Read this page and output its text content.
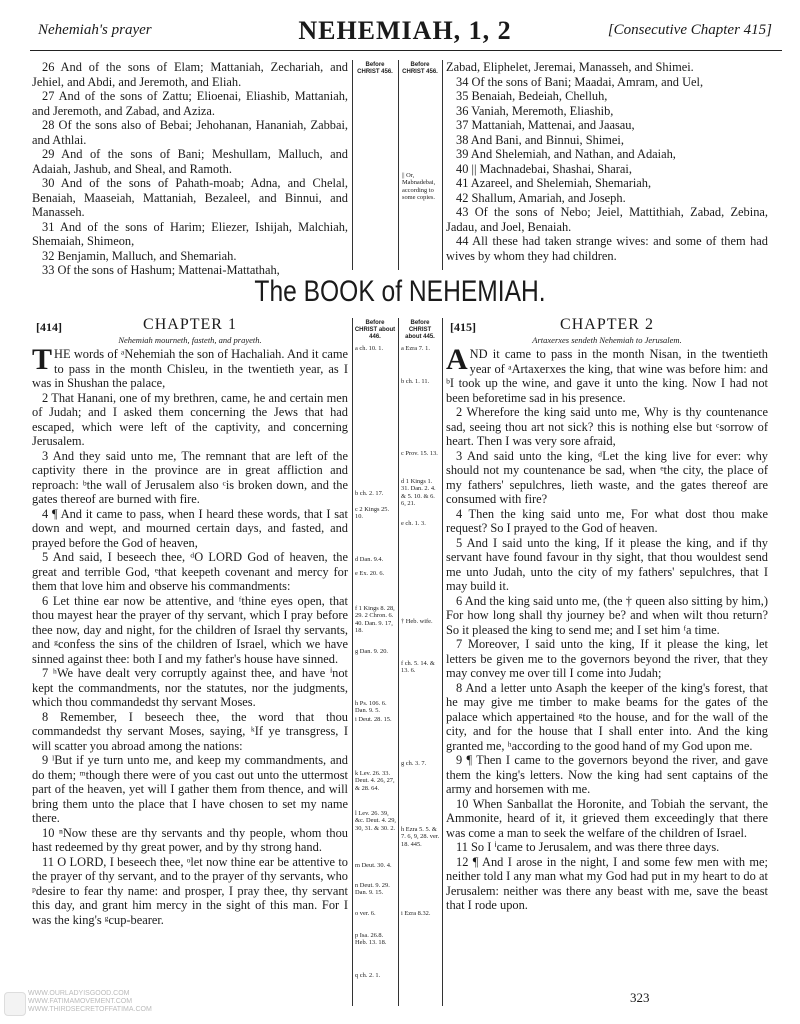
Nehemiah's prayer	NEHEMIAH, 1, 2	[Consecutive Chapter 415]

26 And of the sons of Elam; Mattaniah, Zechariah, and Jehiel, and Abdi, and Jeremoth, and Eliah.

27 And of the sons of Zattu; Elioenai, Eliashib, Mattaniah, and Jeremoth, and Zabad, and Aziza.

28 Of the sons also of Bebai; Jehohanan, Hananiah, Zabbai, and Athlai.

29 And of the sons of Bani; Meshullam, Malluch, and Adaiah, Jashub, and Sheal, and Ramoth.

30 And of the sons of Pahath-moab; Adna, and Chelal, Benaiah, Maaseiah, Mattaniah, Bezaleel, and Binnui, and Manasseh.

31 And of the sons of Harim; Eliezer, Ishijah, Malchiah, Shemaiah, Shimeon,

32 Benjamin, Malluch, and Shemariah.

33 Of the sons of Hashum; Mattenai-Mattathah,

Before CHRIST 456.
Before CHRIST 456.
|| Or, Mabnadebai, according to some copies.

Zabad, Eliphelet, Jeremai, Manasseh, and Shimei.

34 Of the sons of Bani; Maadai, Amram, and Uel,

35 Benaiah, Bedeiah, Chelluh,

36 Vaniah, Meremoth, Eliashib,

37 Mattaniah, Mattenai, and Jaasau,

38 And Bani, and Binnui, Shimei,

39 And Shelemiah, and Nathan, and Adaiah,

40 || Machnadebai, Shashai, Sharai,

41 Azareel, and Shelemiah, Shemariah,

42 Shallum, Amariah, and Joseph.

43 Of the sons of Nebo; Jeiel, Mattithiah, Zabad, Zebina, Jadau, and Joel, Benaiah.

44 All these had taken strange wives: and some of them had wives by whom they had children.

The BOOK of NEHEMIAH.
[414]	CHAPTER 1
Nehemiah mourneth, fasteth, and prayeth.

THE words of ᵃNehemiah the son of Hachaliah. And it came to pass in the month Chisleu, in the twentieth year, as I was in Shushan the palace,

2 That Hanani, one of my brethren, came, he and certain men of Judah; and I asked them concerning the Jews that had escaped, which were left of the captivity, and concerning Jerusalem.

3 And they said unto me, The remnant that are left of the captivity there in the province are in great affliction and reproach: ᵇthe wall of Jerusalem also ᶜis broken down, and the gates thereof are burned with fire.

4 ¶ And it came to pass, when I heard these words, that I sat down and wept, and mourned certain days, and fasted, and prayed before the God of heaven,

5 And said, I beseech thee, ᵈO LORD God of heaven, the great and terrible God, ᵉthat keepeth covenant and mercy for them that love him and observe his commandments:

6 Let thine ear now be attentive, and ᶠthine eyes open, that thou mayest hear the prayer of thy servant, which I pray before thee now, day and night, for the children of Israel thy servants, and ᵍconfess the sins of the children of Israel, which we have sinned against thee: both I and my father's house have sinned.

7 ʰWe have dealt very corruptly against thee, and have ⁱnot kept the commandments, nor the statutes, nor the judgments, which thou commandedst thy servant Moses.

8 Remember, I beseech thee, the word that thou commandedst thy servant Moses, saying, ᵏIf ye transgress, I will scatter you abroad among the nations:

9 ˡBut if ye turn unto me, and keep my commandments, and do them; ᵐthough there were of you cast out unto the uttermost part of the heaven, yet will I gather them from thence, and will bring them unto the place that I have chosen to set my name there.

10 ⁿNow these are thy servants and thy people, whom thou hast redeemed by thy great power, and by thy strong hand.

11 O LORD, I beseech thee, ᵒlet now thine ear be attentive to the prayer of thy servant, and to the prayer of thy servants, who ᵖdesire to fear thy name: and prosper, I pray thee, thy servant this day, and grant him mercy in the sight of this man. For I was the king's ᵍcup-bearer.

Before CHRIST about 446.
Before CHRIST about 445.
a ch. 10. 1.
b ch. 2. 17.
c 2 Kings 25. 10.
d Dan. 9.4.
e Ex. 20. 6.
f 1 Kings 8. 28, 29. 2 Chron. 6. 40. Dan. 9. 17, 18.
g Dan. 9. 20.
h Ps. 106. 6. Dan. 9. 5.
i Deut. 28. 15.
k Lev. 26. 33. Deut. 4. 26, 27, & 28. 64.
l Lev. 26. 39, &c. Deut. 4. 29, 30, 31. & 30. 2.
m Deut. 30. 4.
n Deut. 9. 29. Dan. 9. 15.
o ver. 6.
p Isa. 26.8. Heb. 13. 18.
q ch. 2. 1.
a Ezra 7. 1.
b ch. 1. 11.
c Prov. 15. 13.
d 1 Kings 1. 31. Dan. 2. 4. & 5. 10. & 6. 6, 21.
e ch. 1. 3.
† Heb. wife.
f ch. 5. 14. & 13. 6.
g ch. 3. 7.
h Ezra 5. 5. & 7. 6, 9, 28. ver. 18. 445.
i Ezra 8.32.
[415]	CHAPTER 2
Artaxerxes sendeth Nehemiah to Jerusalem.

AND it came to pass in the month Nisan, in the twentieth year of ᵃArtaxerxes the king, that wine was before him: and ᵇI took up the wine, and gave it unto the king. Now I had not been beforetime sad in his presence.

2 Wherefore the king said unto me, Why is thy countenance sad, seeing thou art not sick? this is nothing else but ᶜsorrow of heart. Then I was very sore afraid,

3 And said unto the king, ᵈLet the king live for ever: why should not my countenance be sad, when ᵉthe city, the place of my fathers' sepulchres, lieth waste, and the gates thereof are consumed with fire?

4 Then the king said unto me, For what dost thou make request? So I prayed to the God of heaven.

5 And I said unto the king, If it please the king, and if thy servant have found favour in thy sight, that thou wouldest send me unto Judah, unto the city of my fathers' sepulchres, that I may build it.

6 And the king said unto me, (the † queen also sitting by him,) For how long shall thy journey be? and when wilt thou return? So it pleased the king to send me; and I set him ᶠa time.

7 Moreover, I said unto the king, If it please the king, let letters be given me to the governors beyond the river, that they may convey me over till I come into Judah;

8 And a letter unto Asaph the keeper of the king's forest, that he may give me timber to make beams for the gates of the palace which appertained ᵍto the house, and for the wall of the city, and for the house that I shall enter into. And the king granted me, ʰaccording to the good hand of my God upon me.

9 ¶ Then I came to the governors beyond the river, and gave them the king's letters. Now the king had sent captains of the army and horsemen with me.

10 When Sanballat the Horonite, and Tobiah the servant, the Ammonite, heard of it, it grieved them exceedingly that there was come a man to seek the welfare of the children of Israel.

11 So I ⁱcame to Jerusalem, and was there three days.

12 ¶ And I arose in the night, I and some few men with me; neither told I any man what my God had put in my heart to do at Jerusalem: neither was there any beast with me, save the beast that I rode upon.

323
WWW.OURLADYISGOOD.COM
WWW.FATIMAMOVEMENT.COM
WWW.THIRDSECRETOFFATIMA.COM
